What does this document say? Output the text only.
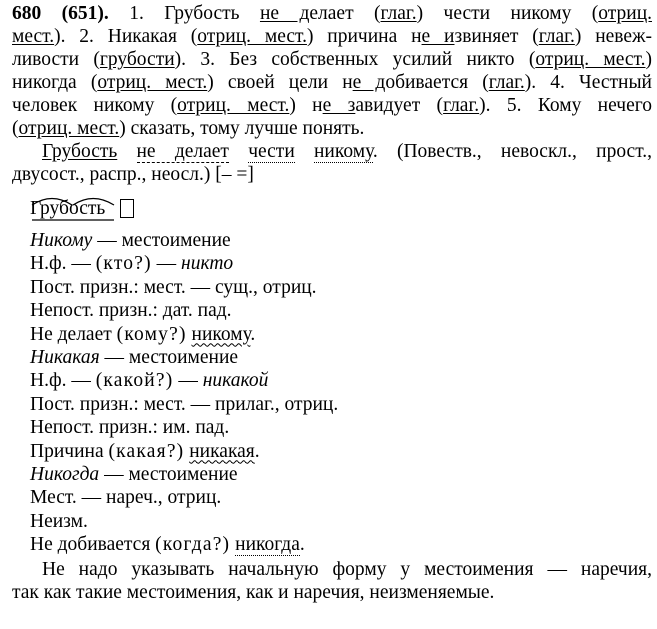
680 (651). 1. Грубость не делает (глаг.) чести никому (отриц.
мест.). 2. Никакая (отриц. мест.) причина не извиняет (глаг.) невеж-
ливости (грубости). 3. Без собственных усилий никто (отриц. мест.)
никогда (отриц. мест.) своей цели не добивается (глаг.). 4. Честный
человек никому (отриц. мест.) не завидует (глаг.). 5. Кому нечего
(отриц. мест.) сказать, тому лучше понять.
Грубость не делает чести никому. (Повеств., невоскл., прост.,
двусост., распр., неосл.) [– =]
Грубость
Никому — местоимение
Н.ф. — (кто?) — никто
Пост. призн.: мест. — сущ., отриц.
Непост. призн.: дат. пад.
Не делает (кому?) никому.
Никакая — местоимение
Н.ф. — (какой?) — никакой
Пост. призн.: мест. — прилаг., отриц.
Непост. призн.: им. пад.
Причина (какая?) никакая.
Никогда — местоимение
Мест. — нареч., отриц.
Неизм.
Не добивается (когда?) никогда.
Не надо указывать начальную форму у местоимения — наречия,
так как такие местоимения, как и наречия, неизменяемые.
